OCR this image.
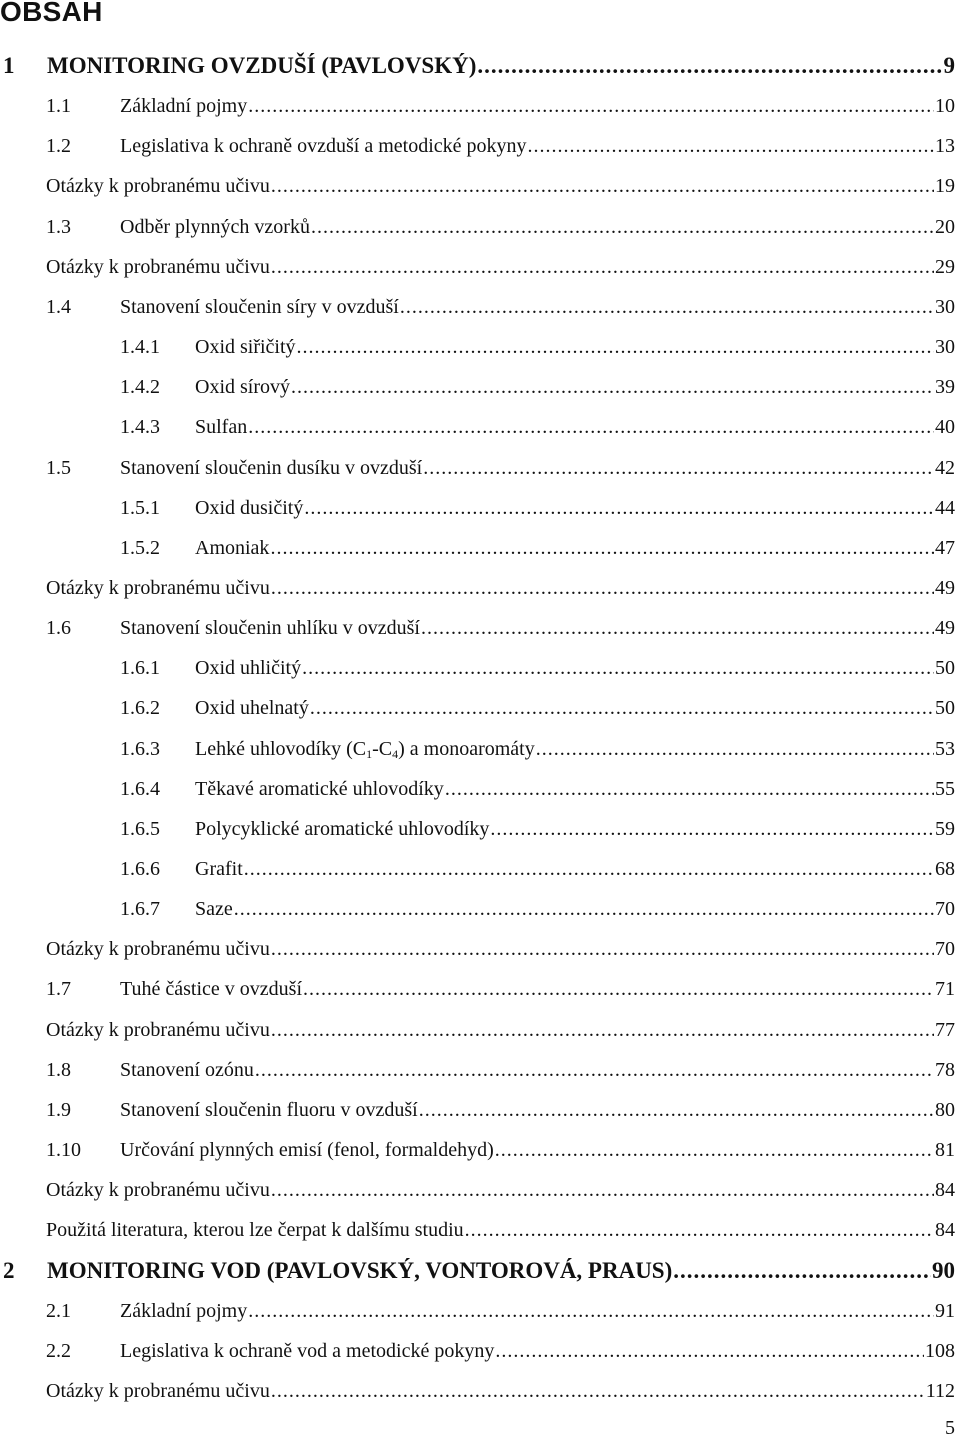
OBSAH
1	MONITORING OVZDUŠÍ (PAVLOVSKÝ) .....	9
1.1	Základní pojmy .....	10
1.2	Legislativa k ochraně ovzduší a metodické pokyny .....	13
Otázky k probranému učivu .....	19
1.3	Odběr plynných vzorků .....	20
Otázky k probranému učivu .....	29
1.4	Stanovení sloučenin síry v ovzduší .....	30
1.4.1	Oxid siřičitý .....	30
1.4.2	Oxid sírový .....	39
1.4.3	Sulfan .....	40
1.5	Stanovení sloučenin dusíku v ovzduší .....	42
1.5.1	Oxid dusičitý .....	44
1.5.2	Amoniak .....	47
Otázky k probranému učivu .....	49
1.6	Stanovení sloučenin uhlíku v ovzduší .....	49
1.6.1	Oxid uhličitý .....	50
1.6.2	Oxid uhelnatý .....	50
1.6.3	Lehké uhlovodíky $(C_1-C_4)$ a monoaromáty .....	53
1.6.4	Těkavé aromatické uhlovodíky .....	55
1.6.5	Polycyklické aromatické uhlovodíky .....	59
1.6.6	Grafit .....	68
1.6.7	Saze .....	70
Otázky k probranému učivu .....	70
1.7	Tuhé částice v ovzduší .....	71
Otázky k probranému učivu .....	77
1.8	Stanovení ozónu .....	78
1.9	Stanovení sloučenin fluoru v ovzduší .....	80
1.10	Určování plynných emisí (fenol, formaldehyd) .....	81
Otázky k probranému učivu .....	84
Použitá literatura, kterou lze čerpat k dalšímu studiu .....	84
2	MONITORING VOD (PAVLOVSKÝ, VONTOROVÁ, PRAUS) .....	90
2.1	Základní pojmy .....	91
2.2	Legislativa k ochraně vod a metodické pokyny .....	108
Otázky k probranému učivu .....	112
5
